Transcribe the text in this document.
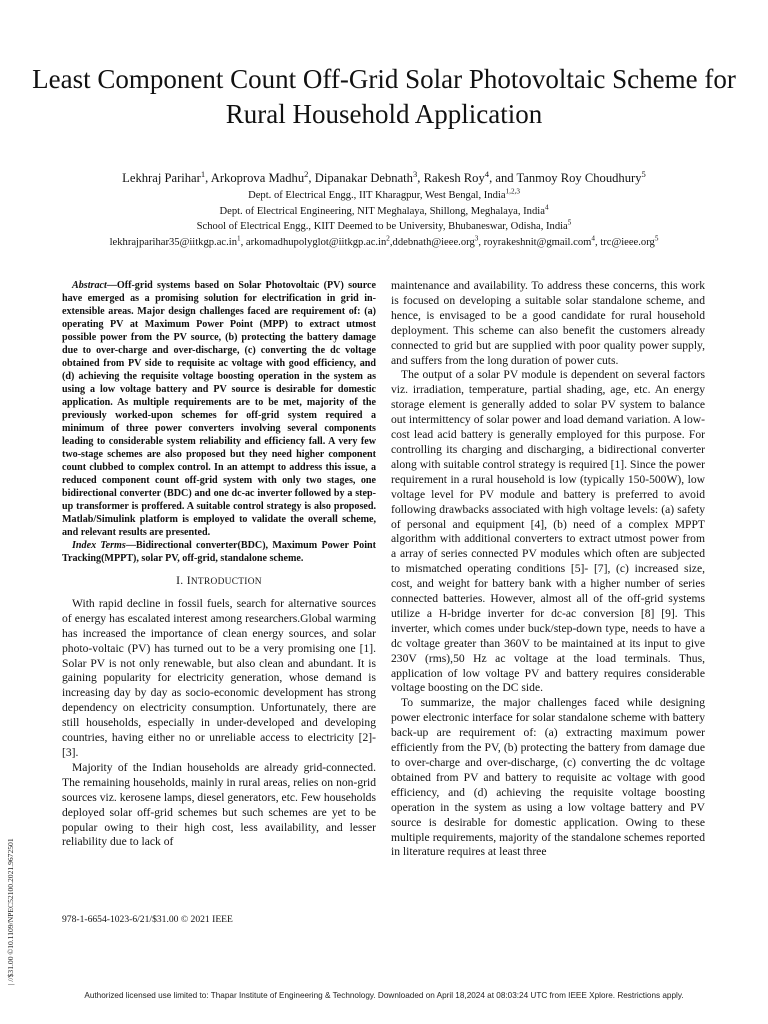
Least Component Count Off-Grid Solar Photovoltaic Scheme for Rural Household Application
Lekhraj Parihar$^1$, Arkoprova Madhu$^2$, Dipanakar Debnath$^3$, Rakesh Roy$^4$, and Tanmoy Roy Choudhury$^5$
Dept. of Electrical Engg., IIT Kharagpur, West Bengal, India$^{1,2,3}$
Dept. of Electrical Engineering, NIT Meghalaya, Shillong, Meghalaya, India$^4$
School of Electrical Engg., KIIT Deemed to be University, Bhubaneswar, Odisha, India$^5$
$lekhrajparihar35@iitkgp.ac.in^1$, $arkomadhupolyglot@iitkgp.ac.in^2,ddebnath@ieee.org^3$, royrakeshnit@gmail.com$^4$, trc@ieee.org$^5$

Abstract—Off-grid systems based on Solar Photovoltaic (PV) source have emerged as a promising solution for electrification in grid in-extensible areas. Major design challenges faced are requirement of: (a) operating PV at Maximum Power Point (MPP) to extract utmost possible power from the PV source, (b) protecting the battery damage due to over-charge and over-discharge, (c) converting the dc voltage obtained from PV side to requisite ac voltage with good efficiency, and (d) achieving the requisite voltage boosting operation in the system as using a low voltage battery and PV source is desirable for domestic application. As multiple requirements are to be met, majority of the previously worked-upon schemes for off-grid system required a minimum of three power converters involving several components leading to considerable system reliability and efficiency fall. A very few two-stage schemes are also proposed but they need higher component count clubbed to complex control. In an attempt to address this issue, a reduced component count off-grid system with only two stages, one bidirectional converter (BDC) and one dc-ac inverter followed by a step-up transformer is proffered. A suitable control strategy is also proposed. Matlab/Simulink platform is employed to validate the overall scheme, and relevant results are presented.

Index Terms—Bidirectional converter(BDC), Maximum Power Point Tracking(MPPT), solar PV, off-grid, standalone scheme.

I. INTRODUCTION

With rapid decline in fossil fuels, search for alternative sources of energy has escalated interest among researchers.Global warming has increased the importance of clean energy sources, and solar photo-voltaic (PV) has turned out to be a very promising one [1]. Solar PV is not only renewable, but also clean and abundant. It is gaining popularity for electricity generation, whose demand is increasing day by day as socio-economic development has strong dependency on electricity consumption. Unfortunately, there are still households, especially in under-developed and developing countries, having either no or unreliable access to electricity [2]- [3].

Majority of the Indian households are already grid-connected. The remaining households, mainly in rural areas, relies on non-grid sources viz. kerosene lamps, diesel generators, etc. Few households deployed solar off-grid schemes but such schemes are yet to be popular owing to their high cost, less availability, and lesser reliability due to lack of

maintenance and availability. To address these concerns, this work is focused on developing a suitable solar standalone scheme, and hence, is envisaged to be a good candidate for rural household deployment. This scheme can also benefit the customers already connected to grid but are supplied with poor quality power supply, and suffers from the long duration of power cuts.

The output of a solar PV module is dependent on several factors viz. irradiation, temperature, partial shading, age, etc. An energy storage element is generally added to solar PV system to balance out intermittency of solar power and load demand variation. A low-cost lead acid battery is generally employed for this purpose. For controlling its charging and discharging, a bidirectional converter along with suitable control strategy is required [1]. Since the power requirement in a rural household is low (typically 150-500W), low voltage level for PV module and battery is preferred to avoid following drawbacks associated with high voltage levels: (a) safety of personal and equipment [4], (b) need of a complex MPPT algorithm with additional converters to extract utmost power from a array of series connected PV modules which often are subjected to mismatched operating conditions [5]- [7], (c) increased size, cost, and weight for battery bank with a higher number of series connected batteries. However, almost all of the off-grid systems utilize a H-bridge inverter for dc-ac conversion [8] [9]. This inverter, which comes under buck/step-down type, needs to have a dc voltage greater than 360V to be maintained at its input to give 230V (rms),50 Hz ac voltage at the load terminals. Thus, application of low voltage PV and battery requires considerable voltage boosting on the DC side.

To summarize, the major challenges faced while designing power electronic interface for solar standalone scheme with battery back-up are requirement of: (a) extracting maximum power efficiently from the PV, (b) protecting the battery from damage due to over-charge and over-discharge, (c) converting the dc voltage obtained from PV and battery to requisite ac voltage with good efficiency, and (d) achieving the requisite voltage boosting operation in the system as using a low voltage battery and PV source is desirable for domestic application. Owing to these multiple requirements, majority of the standalone schemes reported in literature requires at least three

978-1-6654-1023-6/21/$31.00 © 2021 IEEE
| //$31.00 ©10.1109/NPEC52100.2021.9672501
Authorized licensed use limited to: Thapar Institute of Engineering & Technology. Downloaded on April 18,2024 at 08:03:24 UTC from IEEE Xplore. Restrictions apply.
